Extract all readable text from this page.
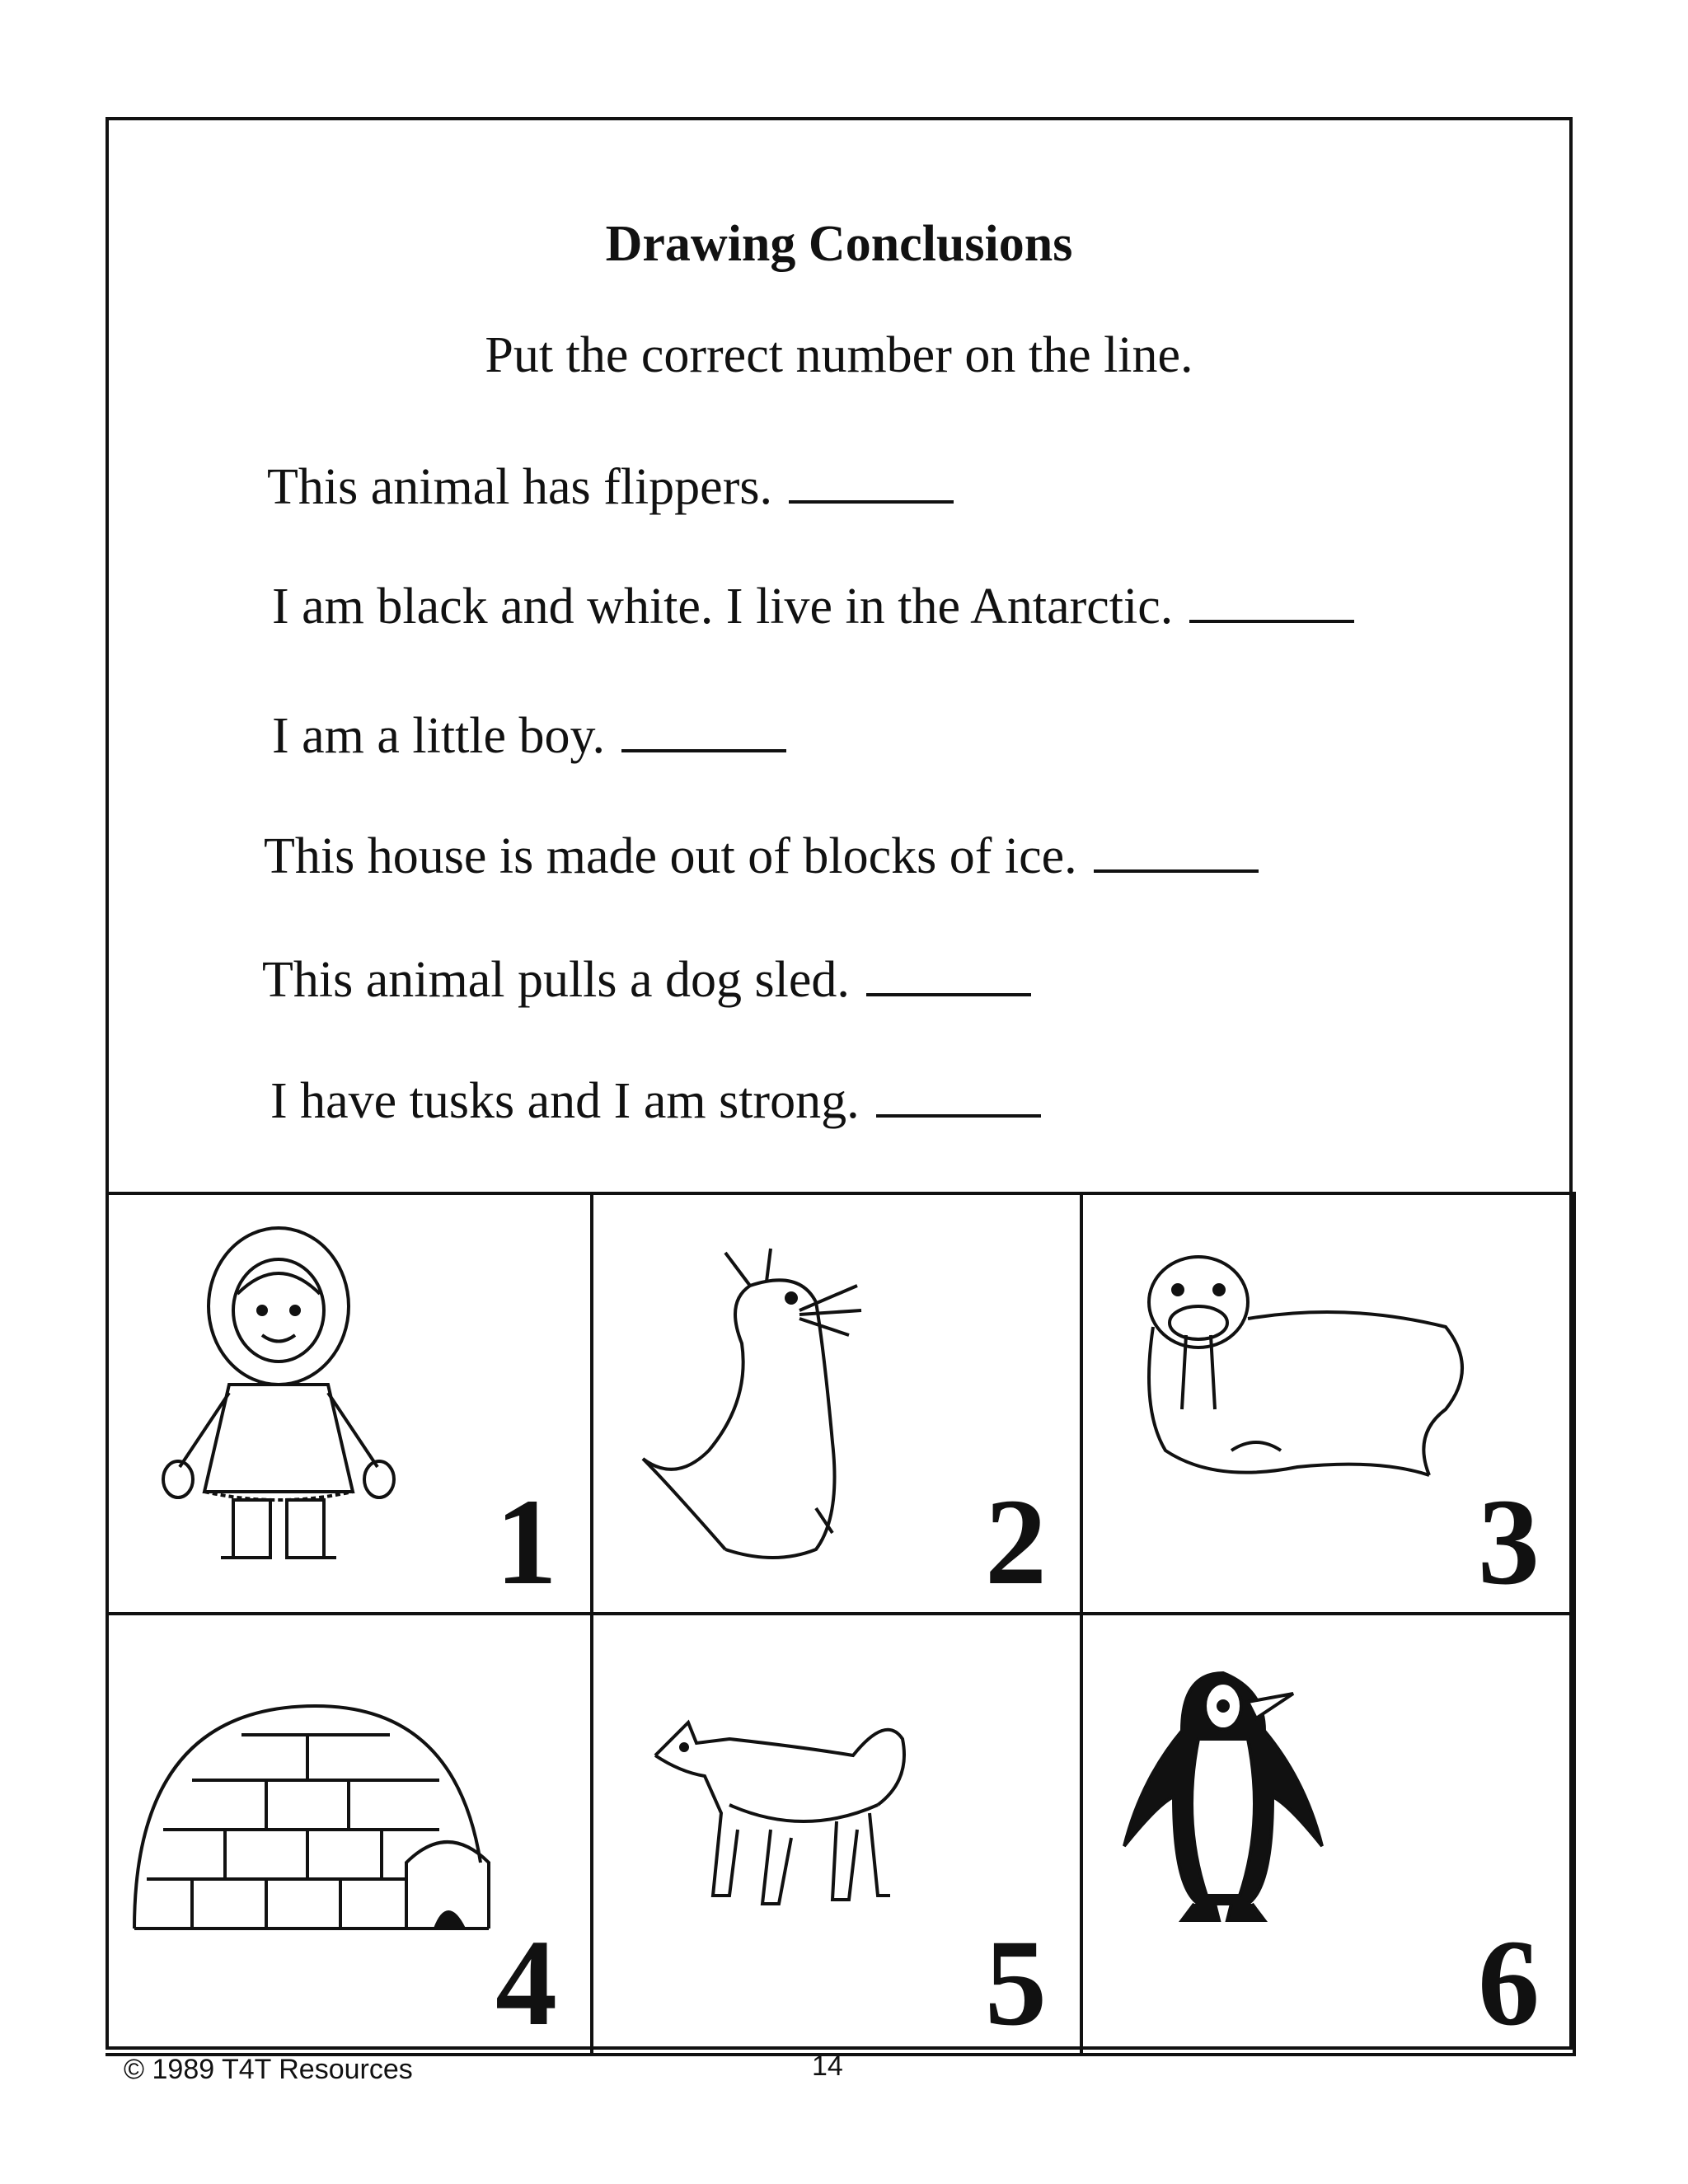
Drawing Conclusions
Put the correct number on the line.
This animal has flippers.
I am black and white. I live in the Antarctic.
I am a little boy.
This house is made out of blocks of ice.
This animal pulls a dog sled.
I have tusks and I am strong.
1	2	3
4	5	6
© 1989 T4T Resources	14
